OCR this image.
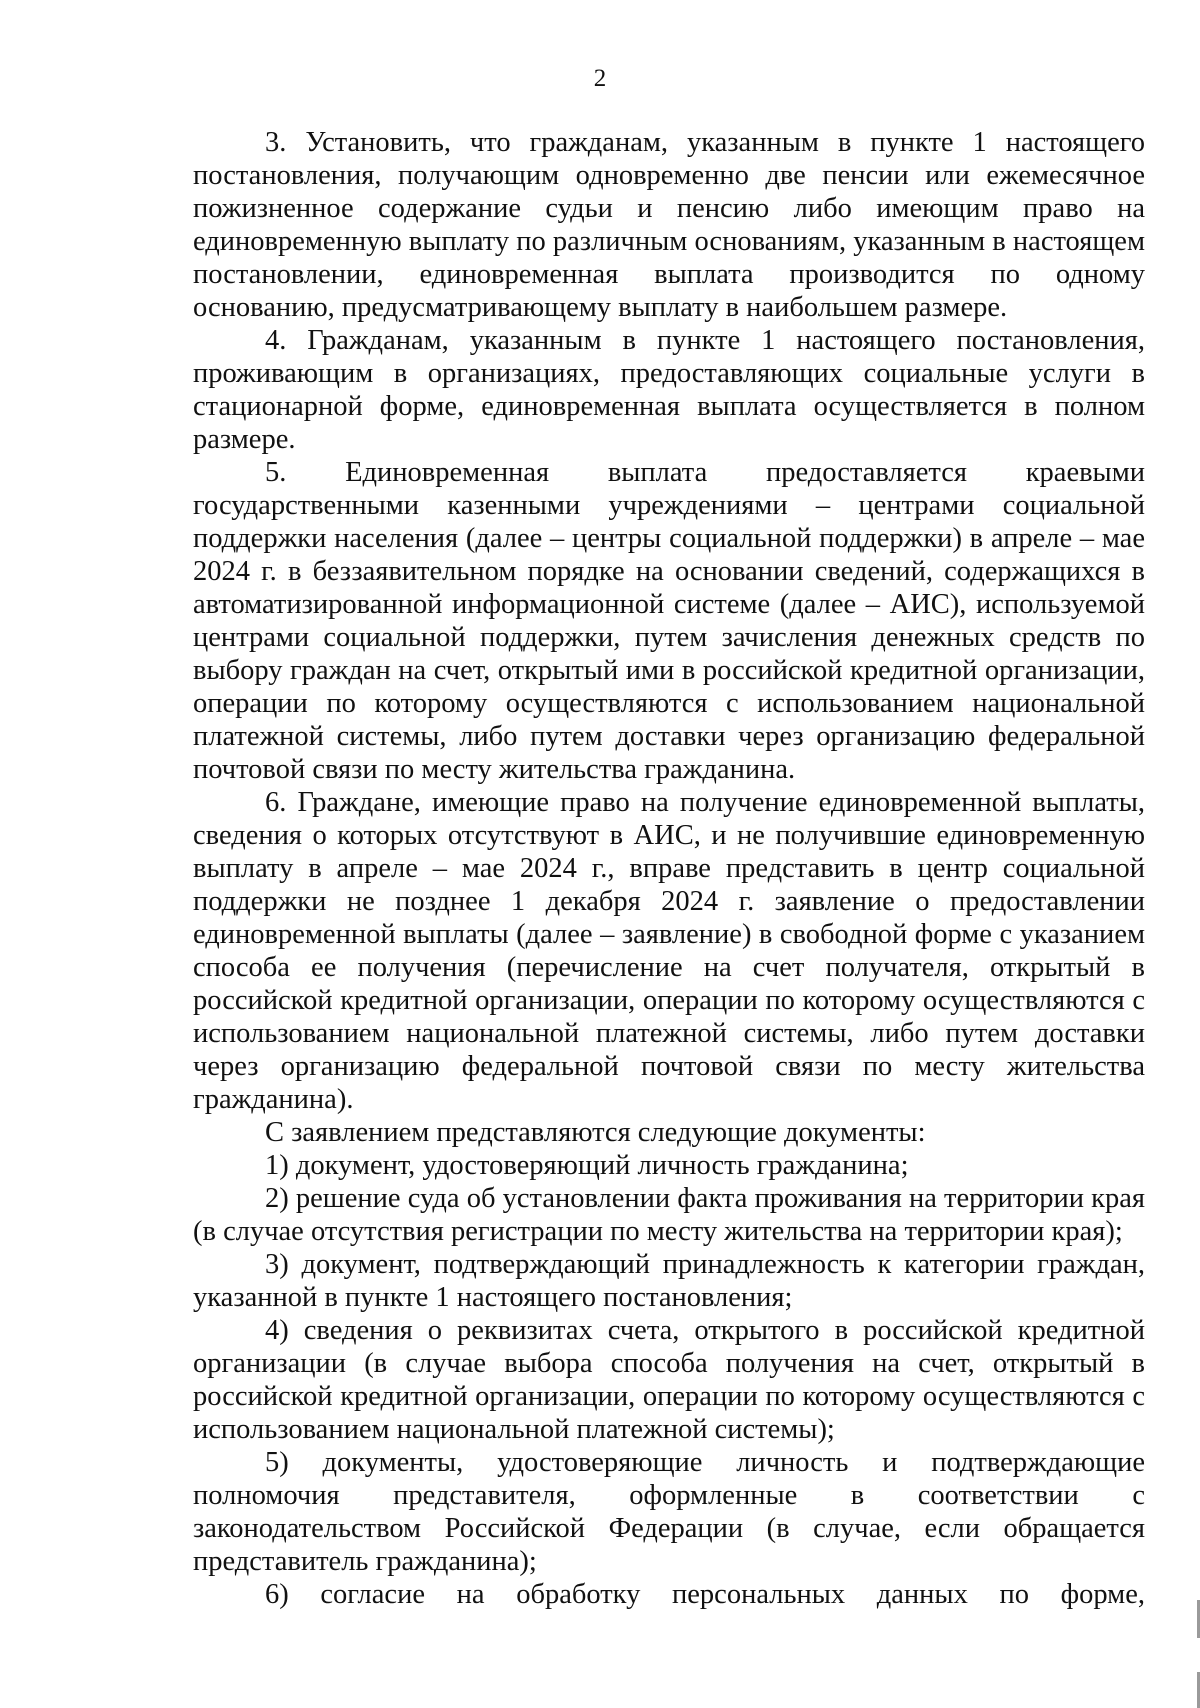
2

3. Установить, что гражданам, указанным в пункте 1 настоящего постановления, получающим одновременно две пенсии или ежемесячное пожизненное содержание судьи и пенсию либо имеющим право на единовременную выплату по различным основаниям, указанным в настоящем постановлении, единовременная выплата производится по одному основанию, предусматривающему выплату в наибольшем размере.

4. Гражданам, указанным в пункте 1 настоящего постановления, проживающим в организациях, предоставляющих социальные услуги в стационарной форме, единовременная выплата осуществляется в полном размере.

5. Единовременная выплата предоставляется краевыми государственными казенными учреждениями – центрами социальной поддержки населения (далее – центры социальной поддержки) в апреле – мае 2024 г. в беззаявительном порядке на основании сведений, содержащихся в автоматизированной информационной системе (далее – АИС), используемой центрами социальной поддержки, путем зачисления денежных средств по выбору граждан на счет, открытый ими в российской кредитной организации, операции по которому осуществляются с использованием национальной платежной системы, либо путем доставки через организацию федеральной почтовой связи по месту жительства гражданина.

6. Граждане, имеющие право на получение единовременной выплаты, сведения о которых отсутствуют в АИС, и не получившие единовременную выплату в апреле – мае 2024 г., вправе представить в центр социальной поддержки не позднее 1 декабря 2024 г. заявление о предоставлении единовременной выплаты (далее – заявление) в свободной форме с указанием способа ее получения (перечисление на счет получателя, открытый в российской кредитной организации, операции по которому осуществляются с использованием национальной платежной системы, либо путем доставки через организацию федеральной почтовой связи по месту жительства гражданина).

С заявлением представляются следующие документы:

1) документ, удостоверяющий личность гражданина;

2) решение суда об установлении факта проживания на территории края (в случае отсутствия регистрации по месту жительства на территории края);

3) документ, подтверждающий принадлежность к категории граждан, указанной в пункте 1 настоящего постановления;

4) сведения о реквизитах счета, открытого в российской кредитной организации (в случае выбора способа получения на счет, открытый в российской кредитной организации, операции по которому осуществляются с использованием национальной платежной системы);

5) документы, удостоверяющие личность и подтверждающие полномочия представителя, оформленные в соответствии с законодательством Российской Федерации (в случае, если обращается представитель гражданина);

6) согласие на обработку персональных данных по форме,
